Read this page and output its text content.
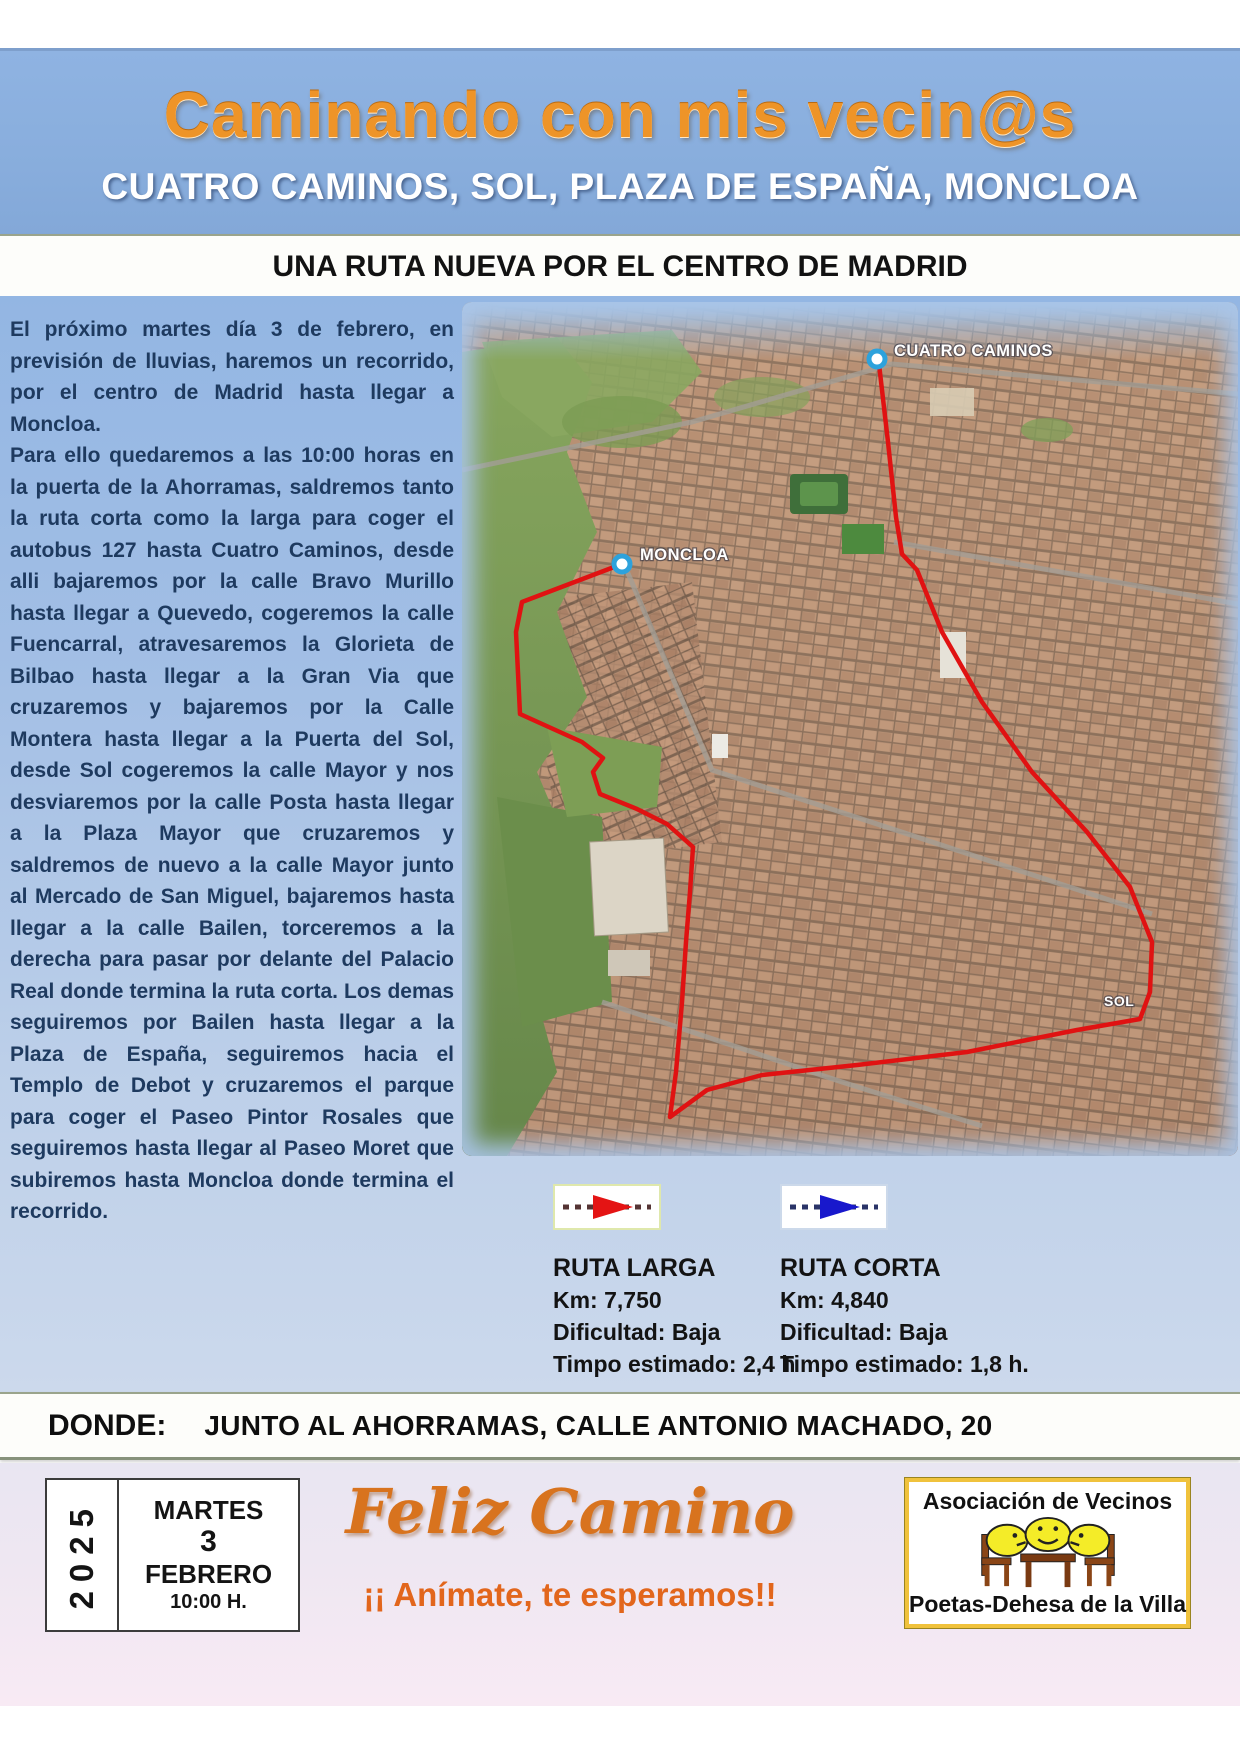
Caminando con mis vecin@s
CUATRO CAMINOS, SOL, PLAZA DE ESPAÑA, MONCLOA
UNA RUTA NUEVA POR EL CENTRO DE MADRID

El próximo martes día 3 de febrero, en previsión de lluvias, haremos un recorrido, por el centro de Madrid hasta llegar a Moncloa.

Para ello quedaremos a las 10:00 horas en la puerta de la Ahorramas, saldremos tanto la ruta corta como la larga para coger el autobus 127 hasta Cuatro Caminos, desde alli bajaremos por la calle Bravo Murillo hasta llegar a Quevedo, cogeremos la calle Fuencarral, atravesaremos la Glorieta de Bilbao hasta llegar a la Gran Via que cruzaremos y bajaremos por la Calle Montera hasta llegar a la Puerta del Sol, desde Sol cogeremos la calle Mayor y nos desviaremos por la calle Posta hasta llegar a la Plaza Mayor que cruzaremos y saldremos de nuevo a la calle Mayor junto al Mercado de San Miguel, bajaremos hasta llegar a la calle Bailen, torceremos a la derecha para pasar por delante del Palacio Real donde termina la ruta corta. Los demas seguiremos por Bailen hasta llegar a la Plaza de España, seguiremos hacia el Templo de Debot y cruzaremos el parque para coger el Paseo Pintor Rosales que seguiremos hasta llegar al Paseo Moret que subiremos hasta Moncloa donde termina el recorrido.

CUATRO CAMINOS
MONCLOA
SOL
RUTA LARGA
Km: 7,750
Dificultad: Baja
Timpo estimado: 2,4 h
RUTA CORTA
Km: 4,840
Dificultad: Baja
Timpo estimado: 1,8 h.
DONDE: JUNTO AL AHORRAMAS, CALLE ANTONIO MACHADO, 20
2025 MARTES
3
FEBRERO
10:00 H.
Feliz Camino
¡¡ Anímate, te esperamos!!
Asociación de Vecinos
Poetas-Dehesa de la Villa
